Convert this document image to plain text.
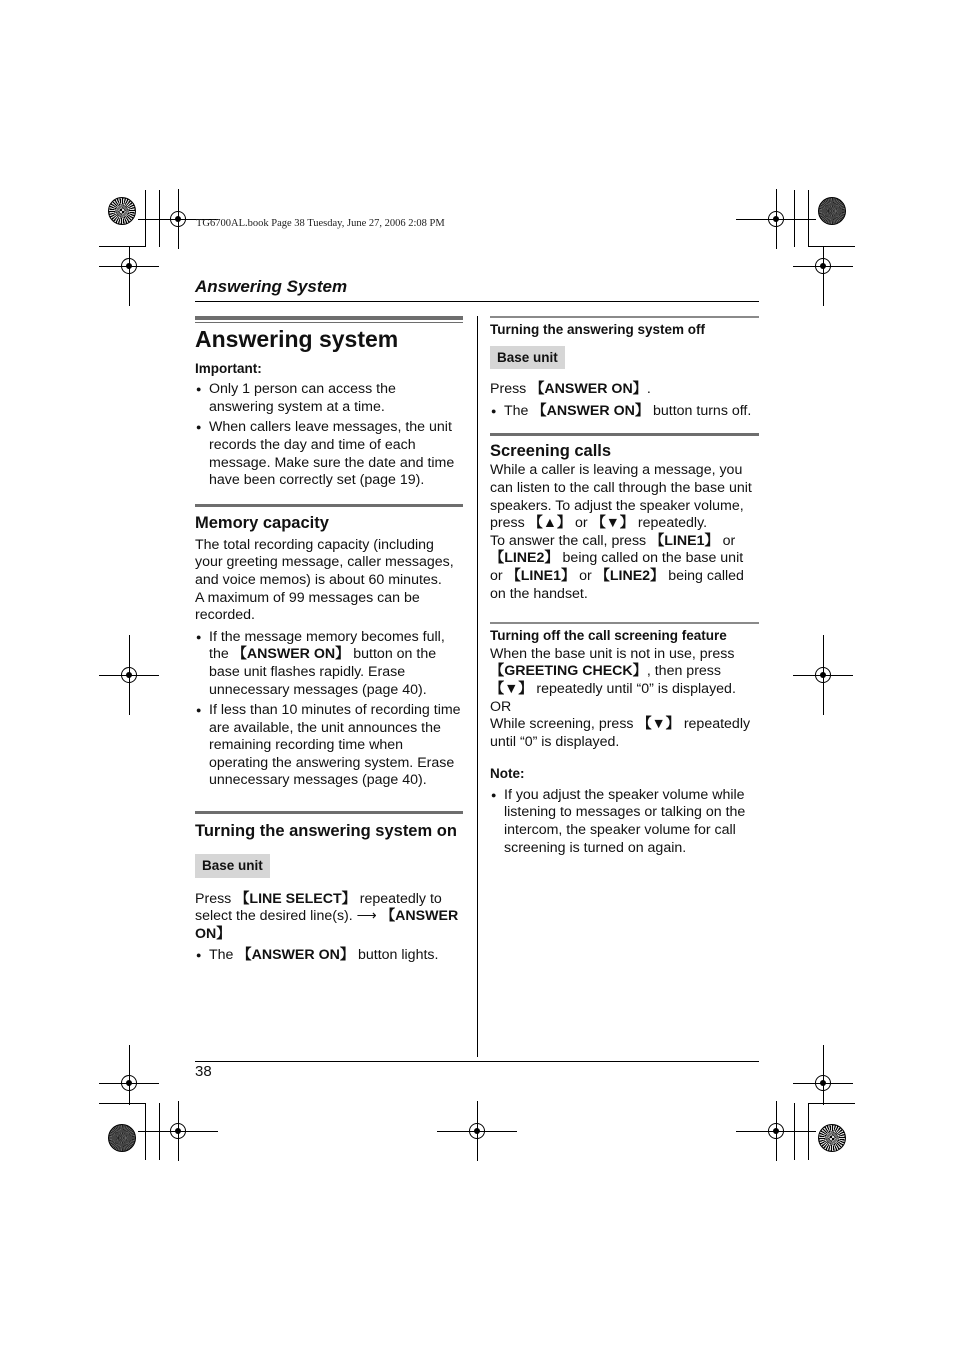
TG6700AL.book Page 38 Tuesday, June 27, 2006 2:08 PM
Answering System
Answering system
Important:
● Only 1 person can access the answering system at a time.
● When callers leave messages, the unit records the day and time of each message. Make sure the date and time have been correctly set (page 19).
Memory capacity

The total recording capacity (including your greeting message, caller messages, and voice memos) is about 60 minutes.

A maximum of 99 messages can be recorded.

● If the message memory becomes full, the 【ANSWER ON】 button on the base unit flashes rapidly. Erase unnecessary messages (page 40).
● If less than 10 minutes of recording time are available, the unit announces the remaining recording time when operating the answering system. Erase unnecessary messages (page 40).
Turning the answering system on
Base unit

Press 【LINE SELECT】 repeatedly to select the desired line(s). ⟶ 【ANSWER ON】

● The 【ANSWER ON】 button lights.
Turning the answering system off
Base unit

Press 【ANSWER ON】.

● The 【ANSWER ON】 button turns off.
Screening calls

While a caller is leaving a message, you can listen to the call through the base unit speakers. To adjust the speaker volume, press 【▲】 or 【▼】 repeatedly.

To answer the call, press 【LINE1】 or 【LINE2】 being called on the base unit or 【LINE1】 or 【LINE2】 being called on the handset.

Turning off the call screening feature

When the base unit is not in use, press 【GREETING CHECK】, then press 【▼】 repeatedly until “0” is displayed.

OR

While screening, press 【▼】 repeatedly until “0” is displayed.

Note:
● If you adjust the speaker volume while listening to messages or talking on the intercom, the speaker volume for call screening is turned on again.
38
